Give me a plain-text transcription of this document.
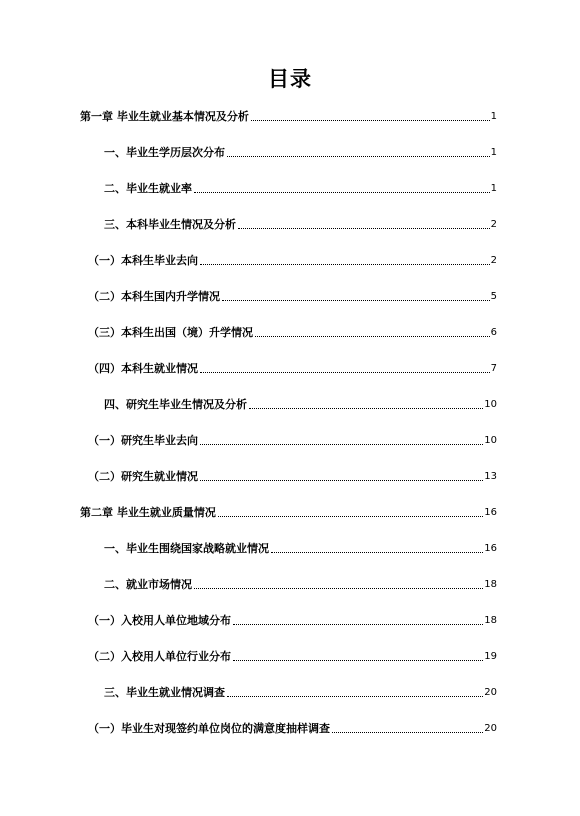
目录
第一章 毕业生就业基本情况及分析	1
一、毕业生学历层次分布	1
二、毕业生就业率	1
三、本科毕业生情况及分析	2
（一）本科生毕业去向	2
（二）本科生国内升学情况	5
（三）本科生出国（境）升学情况	6
（四）本科生就业情况	7
四、研究生毕业生情况及分析	10
（一）研究生毕业去向	10
（二）研究生就业情况	13
第二章 毕业生就业质量情况	16
一、毕业生围绕国家战略就业情况	16
二、就业市场情况	18
（一）入校用人单位地域分布	18
（二）入校用人单位行业分布	19
三、毕业生就业情况调查	20
（一）毕业生对现签约单位岗位的满意度抽样调查	20
